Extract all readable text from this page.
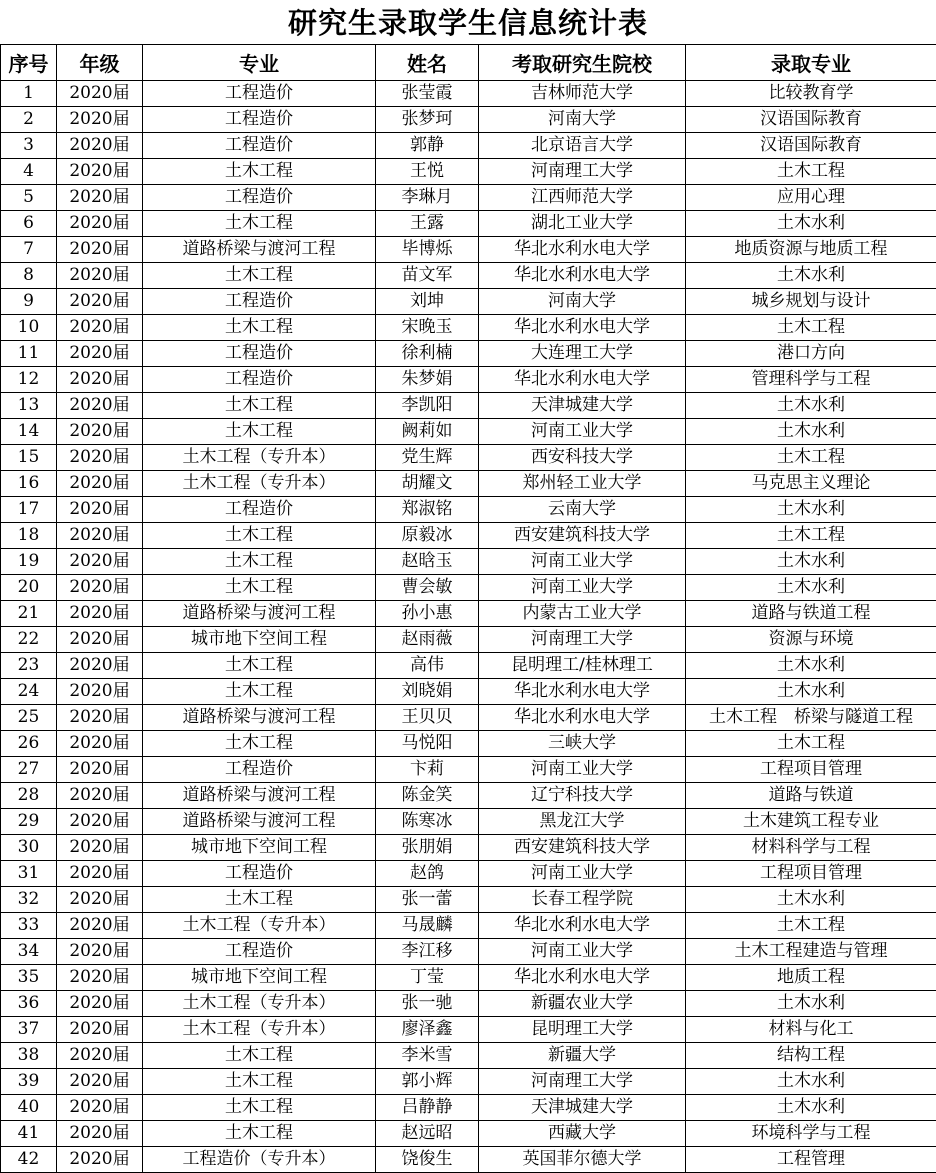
研究生录取学生信息统计表
序号	年级	专业	姓名	考取研究生院校	录取专业
1	2020届	工程造价	张莹霞	吉林师范大学	比较教育学
2	2020届	工程造价	张梦珂	河南大学	汉语国际教育
3	2020届	工程造价	郭静	北京语言大学	汉语国际教育
4	2020届	土木工程	王悦	河南理工大学	土木工程
5	2020届	工程造价	李琳月	江西师范大学	应用心理
6	2020届	土木工程	王露	湖北工业大学	土木水利
7	2020届	道路桥梁与渡河工程	毕博烁	华北水利水电大学	地质资源与地质工程
8	2020届	土木工程	苗文军	华北水利水电大学	土木水利
9	2020届	工程造价	刘坤	河南大学	城乡规划与设计
10	2020届	土木工程	宋晚玉	华北水利水电大学	土木工程
11	2020届	工程造价	徐利楠	大连理工大学	港口方向
12	2020届	工程造价	朱梦娟	华北水利水电大学	管理科学与工程
13	2020届	土木工程	李凯阳	天津城建大学	土木水利
14	2020届	土木工程	阙莉如	河南工业大学	土木水利
15	2020届	土木工程（专升本）	党生辉	西安科技大学	土木工程
16	2020届	土木工程（专升本）	胡耀文	郑州轻工业大学	马克思主义理论
17	2020届	工程造价	郑淑铭	云南大学	土木水利
18	2020届	土木工程	原毅冰	西安建筑科技大学	土木工程
19	2020届	土木工程	赵晗玉	河南工业大学	土木水利
20	2020届	土木工程	曹会敏	河南工业大学	土木水利
21	2020届	道路桥梁与渡河工程	孙小惠	内蒙古工业大学	道路与铁道工程
22	2020届	城市地下空间工程	赵雨薇	河南理工大学	资源与环境
23	2020届	土木工程	高伟	昆明理工/桂林理工	土木水利
24	2020届	土木工程	刘晓娟	华北水利水电大学	土木水利
25	2020届	道路桥梁与渡河工程	王贝贝	华北水利水电大学	土木工程　桥梁与隧道工程
26	2020届	土木工程	马悦阳	三峡大学	土木工程
27	2020届	工程造价	卞莉	河南工业大学	工程项目管理
28	2020届	道路桥梁与渡河工程	陈金笑	辽宁科技大学	道路与铁道
29	2020届	道路桥梁与渡河工程	陈寒冰	黑龙江大学	土木建筑工程专业
30	2020届	城市地下空间工程	张朋娟	西安建筑科技大学	材料科学与工程
31	2020届	工程造价	赵鸽	河南工业大学	工程项目管理
32	2020届	土木工程	张一蕾	长春工程学院	土木水利
33	2020届	土木工程（专升本）	马晟麟	华北水利水电大学	土木工程
34	2020届	工程造价	李江移	河南工业大学	土木工程建造与管理
35	2020届	城市地下空间工程	丁莹	华北水利水电大学	地质工程
36	2020届	土木工程（专升本）	张一驰	新疆农业大学	土木水利
37	2020届	土木工程（专升本）	廖泽鑫	昆明理工大学	材料与化工
38	2020届	土木工程	李米雪	新疆大学	结构工程
39	2020届	土木工程	郭小辉	河南理工大学	土木水利
40	2020届	土木工程	吕静静	天津城建大学	土木水利
41	2020届	土木工程	赵远昭	西藏大学	环境科学与工程
42	2020届	工程造价（专升本）	饶俊生	英国菲尔德大学	工程管理
